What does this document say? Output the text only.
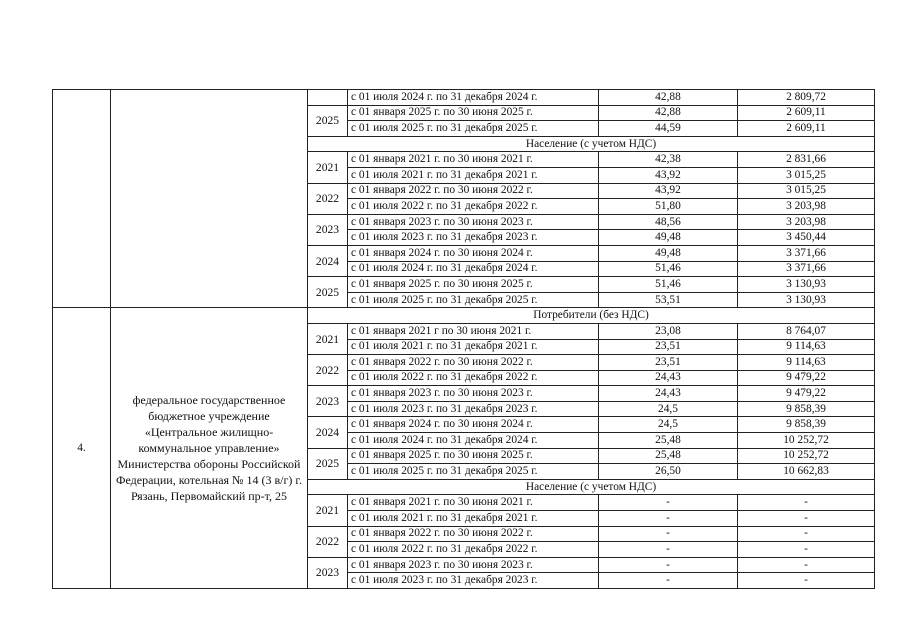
			с 01 июля 2024 г. по 31 декабря 2024 г.	42,88	2 809,72
		2025	с 01 января 2025 г. по 30 июня 2025 г.	42,88	2 609,11
			с 01 июля 2025 г. по 31 декабря 2025 г.	44,59	2 609,11
		Население (с учетом НДС)			
		2021	с 01 января 2021 г. по 30 июня 2021 г.	42,38	2 831,66
			с 01 июля 2021 г. по 31 декабря 2021 г.	43,92	3 015,25
		2022	с 01 января 2022 г. по 30 июня 2022 г.	43,92	3 015,25
			с 01 июля 2022 г. по 31 декабря 2022 г.	51,80	3 203,98
		2023	с 01 января 2023 г. по 30 июня 2023 г.	48,56	3 203,98
			с 01 июля 2023 г. по 31 декабря 2023 г.	49,48	3 450,44
		2024	с 01 января 2024 г. по 30 июня 2024 г.	49,48	3 371,66
			с 01 июля 2024 г. по 31 декабря 2024 г.	51,46	3 371,66
		2025	с 01 января 2025 г. по 30 июня 2025 г.	51,46	3 130,93
			с 01 июля 2025 г. по 31 декабря 2025 г.	53,51	3 130,93
4.	федеральное государственное бюджетное учреждение «Центральное жилищно-коммунальное управление» Министерства обороны Российской Федерации, котельная № 14 (3 в/г) г. Рязань, Первомайский пр-т, 25	Потребители (без НДС)			
		2021	с 01 января 2021 г по 30 июня 2021 г.	23,08	8 764,07
			с 01 июля 2021 г. по 31 декабря 2021 г.	23,51	9 114,63
		2022	с 01 января 2022 г. по 30 июня 2022 г.	23,51	9 114,63
			с 01 июля 2022 г. по 31 декабря 2022 г.	24,43	9 479,22
		2023	с 01 января 2023 г. по 30 июня 2023 г.	24,43	9 479,22
			с 01 июля 2023 г. по 31 декабря 2023 г.	24,5	9 858,39
		2024	с 01 января 2024 г. по 30 июня 2024 г.	24,5	9 858,39
			с 01 июля 2024 г. по 31 декабря 2024 г.	25,48	10 252,72
		2025	с 01 января 2025 г. по 30 июня 2025 г.	25,48	10 252,72
			с 01 июля 2025 г. по 31 декабря 2025 г.	26,50	10 662,83
		Население (с учетом НДС)			
		2021	с 01 января 2021 г. по 30 июня 2021 г.	-	-
			с 01 июля 2021 г. по 31 декабря 2021 г.	-	-
		2022	с 01 января 2022 г. по 30 июня 2022 г.	-	-
			с 01 июля 2022 г. по 31 декабря 2022 г.	-	-
		2023	с 01 января 2023 г. по 30 июня 2023 г.	-	-
			с 01 июля 2023 г. по 31 декабря 2023 г.	-	-
